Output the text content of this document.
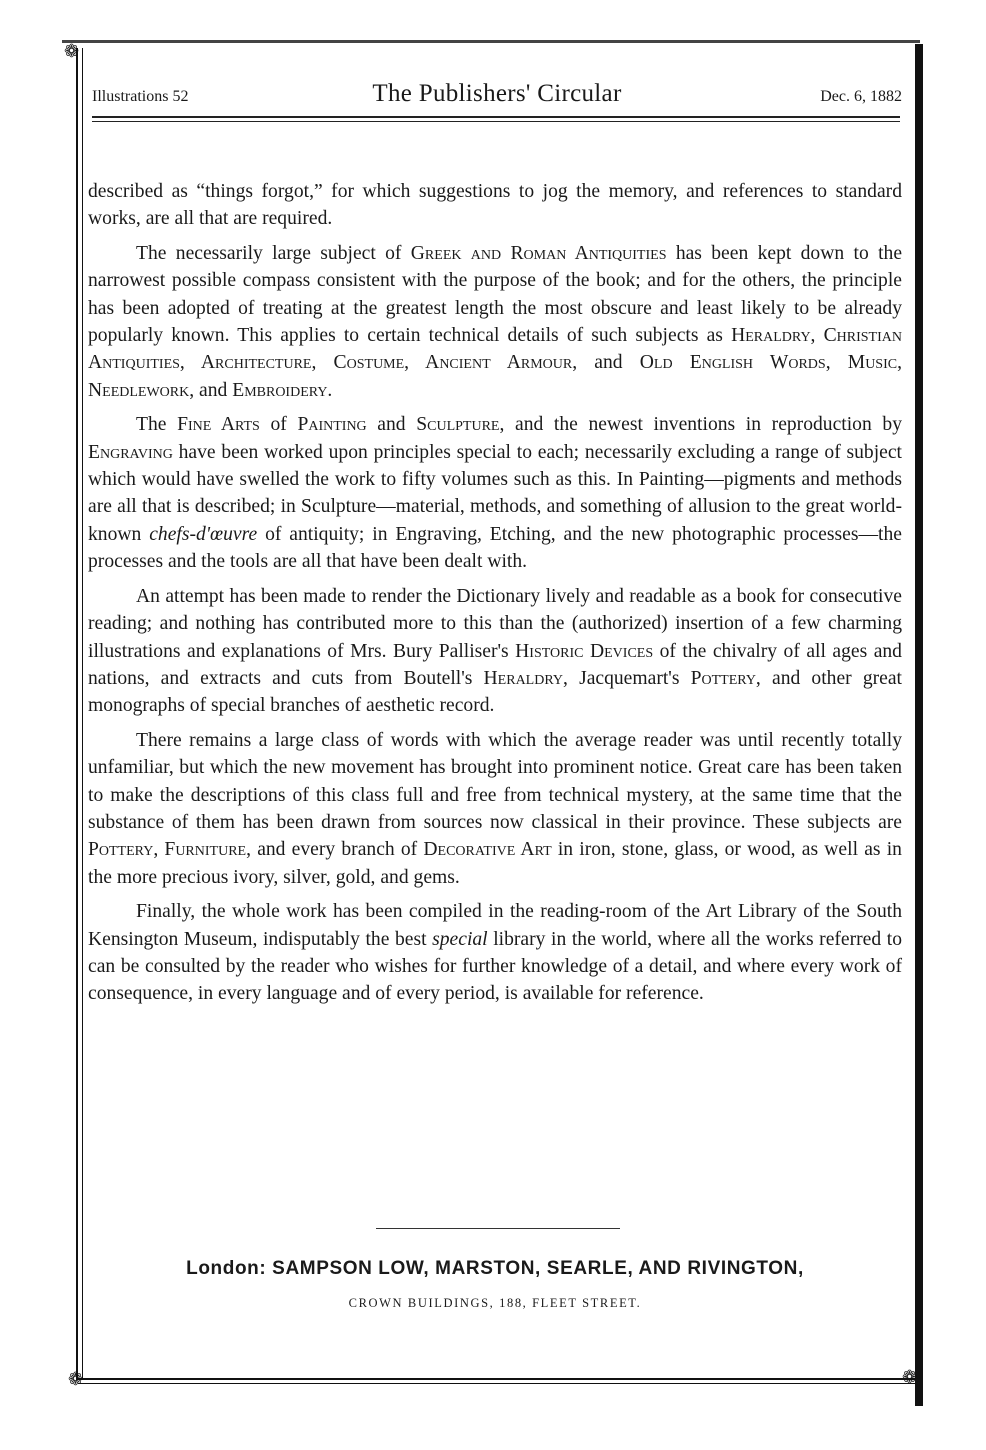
❁
❁	❁
Illustrations 52	The Publishers' Circular	Dec. 6, 1882

described as “things forgot,” for which suggestions to jog the memory, and references to standard works, are all that are required.

The necessarily large subject of Greek and Roman Antiquities has been kept down to the narrowest possible compass consistent with the purpose of the book; and for the others, the principle has been adopted of treating at the greatest length the most obscure and least likely to be already popularly known. This applies to certain technical details of such subjects as Heraldry, Christian Antiquities, Architecture, Costume, Ancient Armour, and Old English Words, Music, Needlework, and Embroidery.

The Fine Arts of Painting and Sculpture, and the newest inventions in reproduction by Engraving have been worked upon principles special to each; necessarily excluding a range of subject which would have swelled the work to fifty volumes such as this. In Painting—pigments and methods are all that is described; in Sculpture—material, methods, and something of allusion to the great world-known chefs-d'œuvre of antiquity; in Engraving, Etching, and the new photographic processes—the processes and the tools are all that have been dealt with.

An attempt has been made to render the Dictionary lively and readable as a book for consecutive reading; and nothing has contributed more to this than the (authorized) insertion of a few charming illustrations and explanations of Mrs. Bury Palliser's Historic Devices of the chivalry of all ages and nations, and extracts and cuts from Boutell's Heraldry, Jacquemart's Pottery, and other great monographs of special branches of aesthetic record.

There remains a large class of words with which the average reader was until recently totally unfamiliar, but which the new movement has brought into prominent notice. Great care has been taken to make the descriptions of this class full and free from technical mystery, at the same time that the substance of them has been drawn from sources now classical in their province. These subjects are Pottery, Furniture, and every branch of Decorative Art in iron, stone, glass, or wood, as well as in the more precious ivory, silver, gold, and gems.

Finally, the whole work has been compiled in the reading-room of the Art Library of the South Kensington Museum, indisputably the best special library in the world, where all the works referred to can be consulted by the reader who wishes for further knowledge of a detail, and where every work of consequence, in every language and of every period, is available for reference.

London: SAMPSON LOW, MARSTON, SEARLE, AND RIVINGTON,
CROWN BUILDINGS, 188, FLEET STREET.
